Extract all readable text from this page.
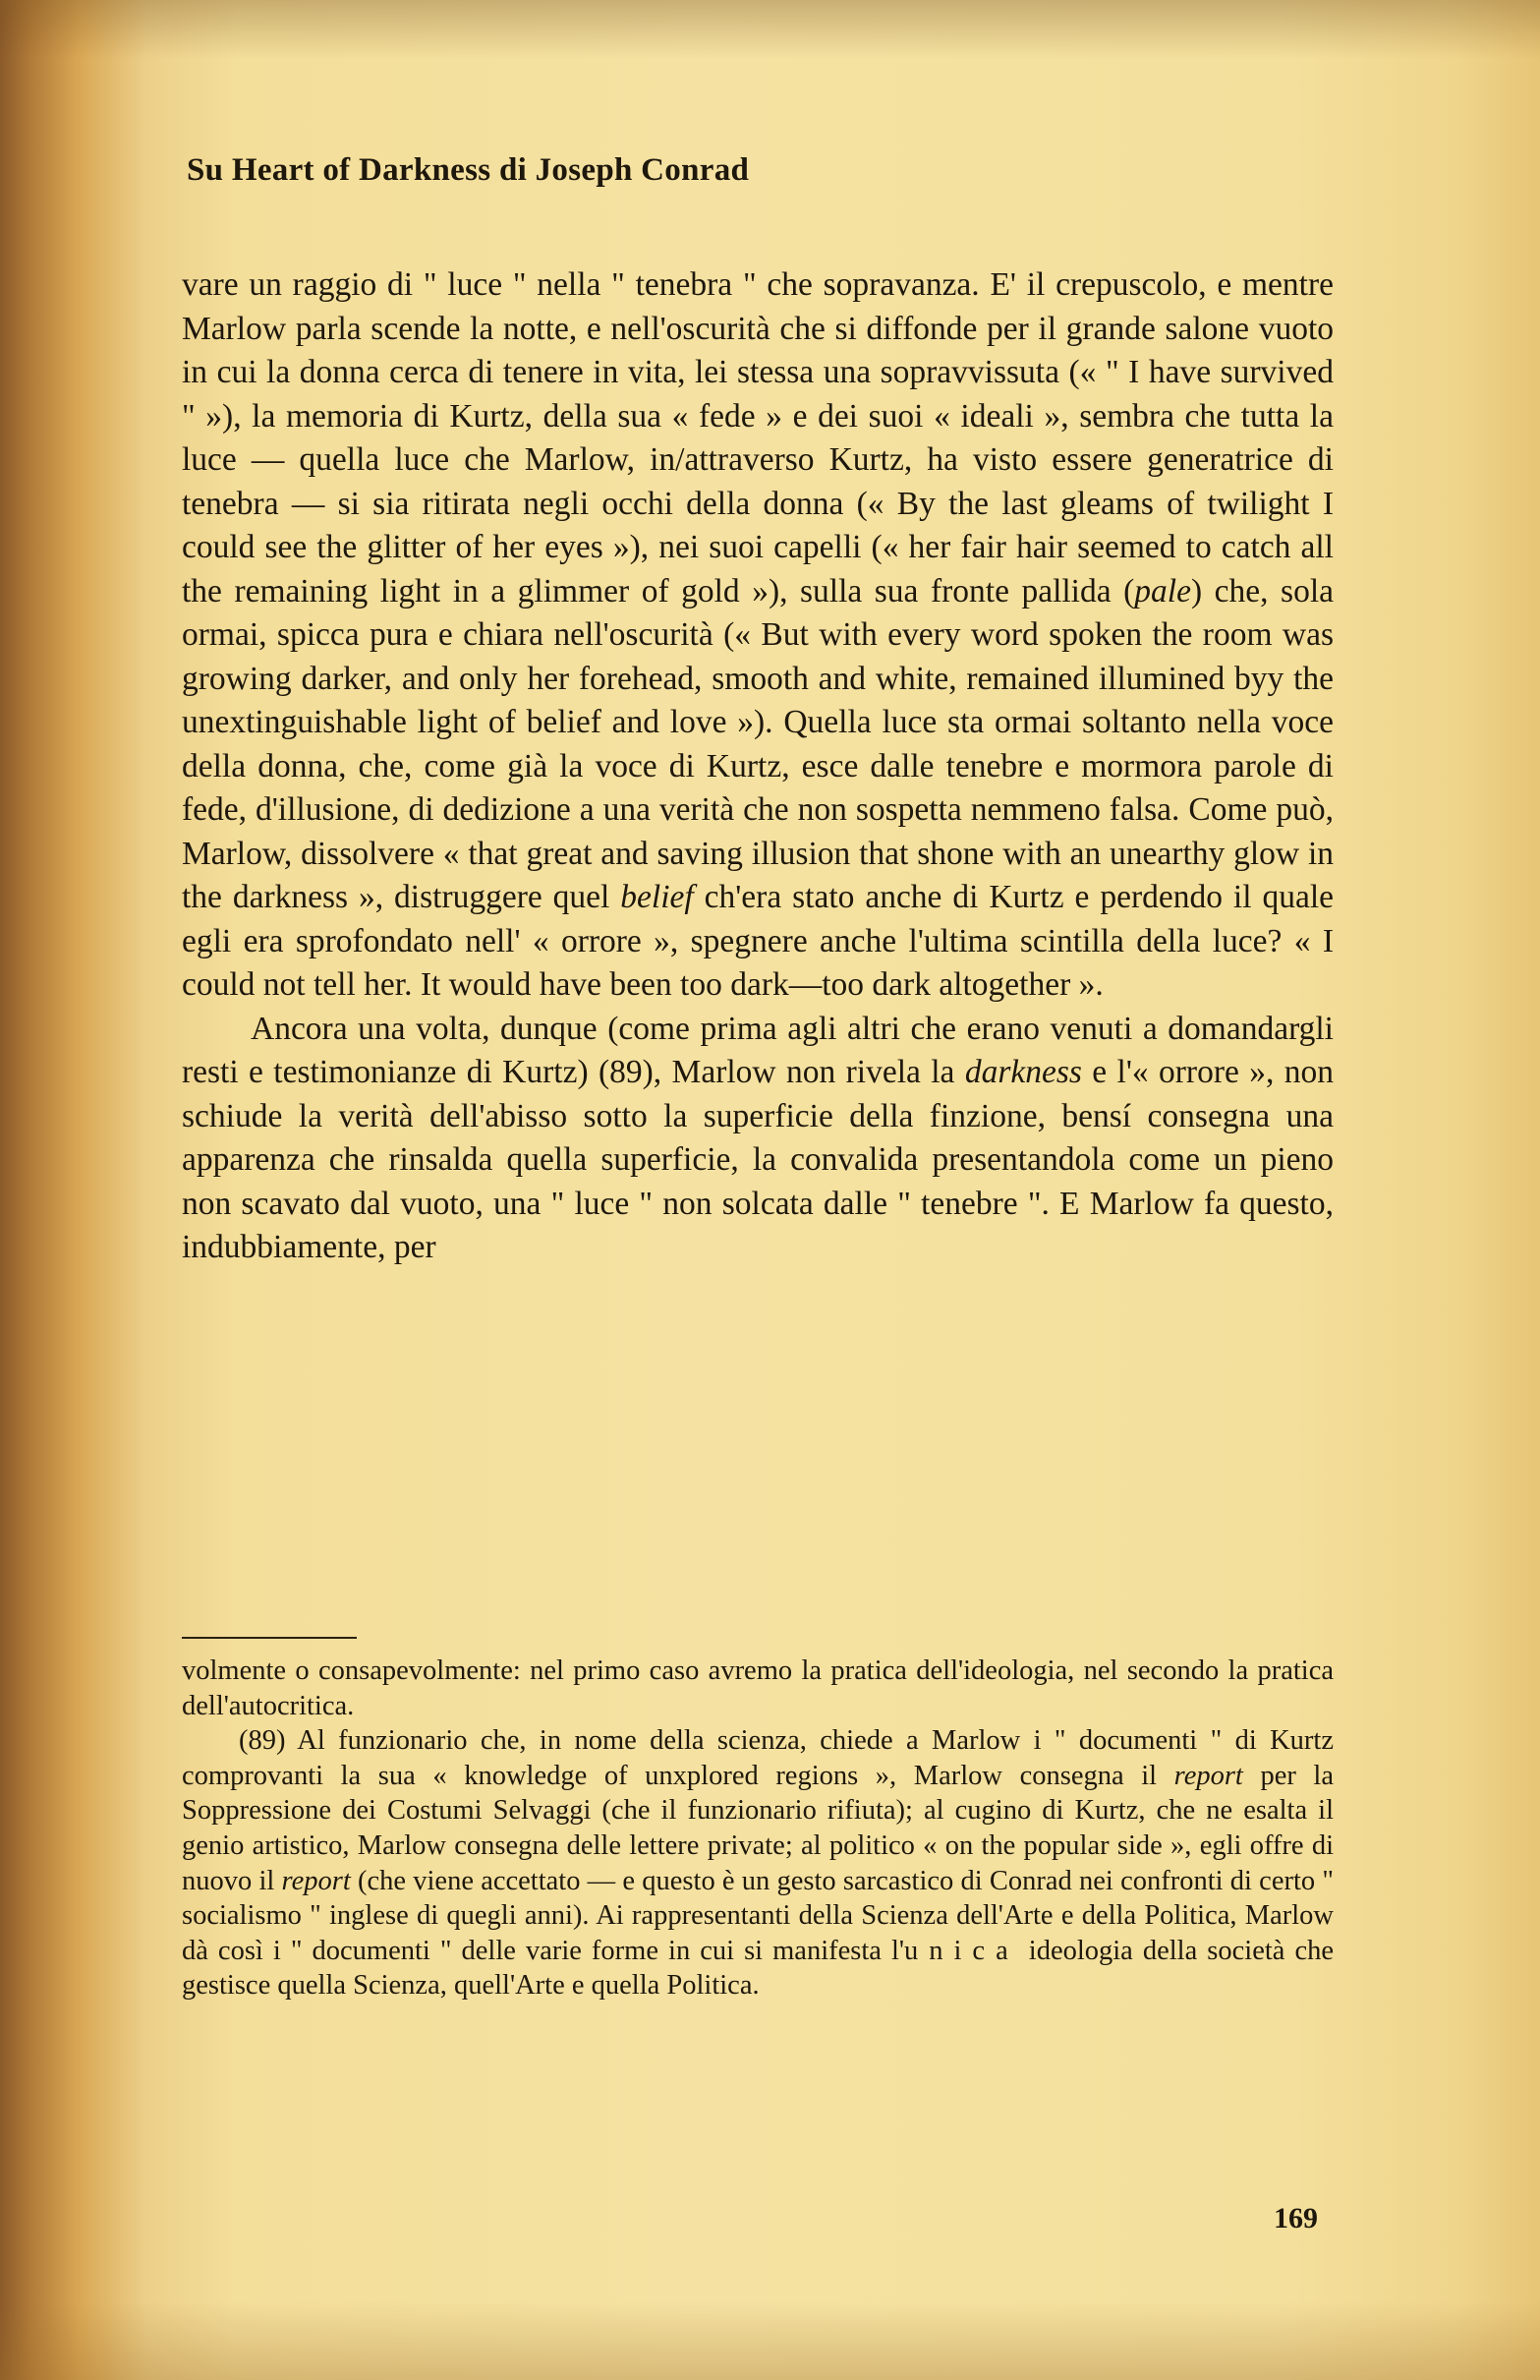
Su Heart of Darkness di Joseph Conrad

vare un raggio di " luce " nella " tenebra " che sopravanza. E' il crepuscolo, e mentre Marlow parla scende la notte, e nell'oscurità che si diffonde per il grande salone vuoto in cui la donna cerca di tenere in vita, lei stessa una sopravvissuta (« " I have survived " »), la memoria di Kurtz, della sua « fede » e dei suoi « ideali », sembra che tutta la luce — quella luce che Marlow, in/attraverso Kurtz, ha visto essere generatrice di tenebra — si sia ritirata negli occhi della donna (« By the last gleams of twilight I could see the glitter of her eyes »), nei suoi capelli (« her fair hair seemed to catch all the remaining light in a glimmer of gold »), sulla sua fronte pallida (pale) che, sola ormai, spicca pura e chiara nell'oscurità (« But with every word spoken the room was growing darker, and only her forehead, smooth and white, remained illumined byy the unextinguishable light of belief and love »). Quella luce sta ormai soltanto nella voce della donna, che, come già la voce di Kurtz, esce dalle tenebre e mormora parole di fede, d'illusione, di dedizione a una verità che non sospetta nemmeno falsa. Come può, Marlow, dissolvere « that great and saving illusion that shone with an unearthy glow in the darkness », distruggere quel belief ch'era stato anche di Kurtz e perdendo il quale egli era sprofondato nell' « orrore », spegnere anche l'ultima scintilla della luce? « I could not tell her. It would have been too dark—too dark altogether ».

Ancora una volta, dunque (come prima agli altri che erano venuti a domandargli resti e testimonianze di Kurtz) (89), Marlow non rivela la darkness e l'« orrore », non schiude la verità dell'abisso sotto la superficie della finzione, bensí consegna una apparenza che rinsalda quella superficie, la convalida presentandola come un pieno non scavato dal vuoto, una " luce " non solcata dalle " tenebre ". E Marlow fa questo, indubbiamente, per

volmente o consapevolmente: nel primo caso avremo la pratica dell'ideologia, nel secondo la pratica dell'autocritica.

(89) Al funzionario che, in nome della scienza, chiede a Marlow i " documenti " di Kurtz comprovanti la sua « knowledge of unxplored regions », Marlow consegna il report per la Soppressione dei Costumi Selvaggi (che il funzionario rifiuta); al cugino di Kurtz, che ne esalta il genio artistico, Marlow consegna delle lettere private; al politico « on the popular side », egli offre di nuovo il report (che viene accettato — e questo è un gesto sarcastico di Conrad nei confronti di certo " socialismo " inglese di quegli anni). Ai rappresentanti della Scienza dell'Arte e della Politica, Marlow dà così i " documenti " delle varie forme in cui si manifesta l'unica ideologia della società che gestisce quella Scienza, quell'Arte e quella Politica.

169
